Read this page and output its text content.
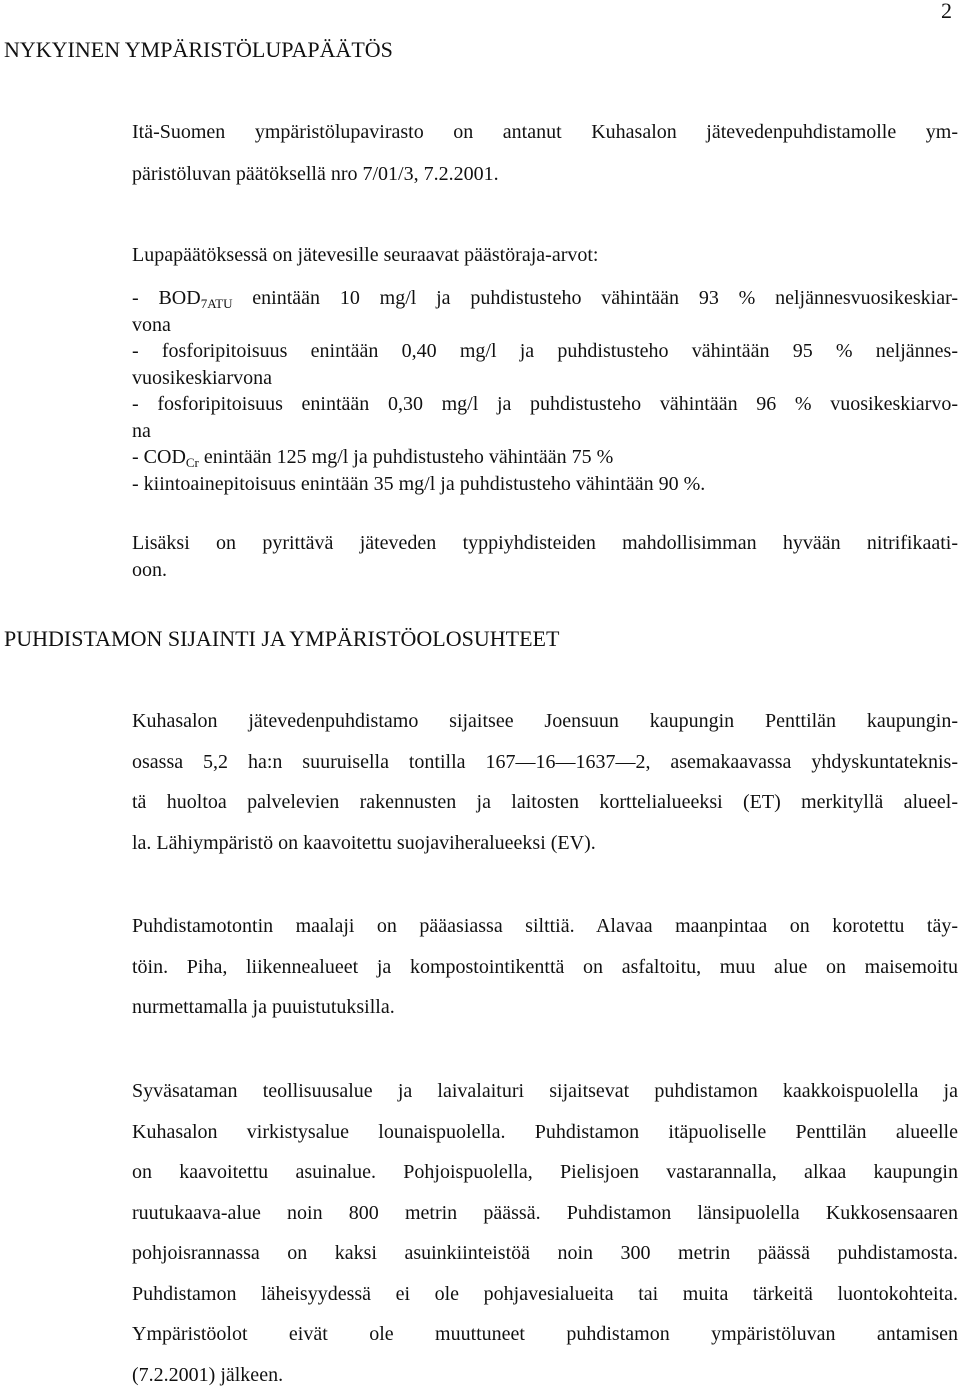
2
NYKYINEN YMPÄRISTÖLUPAPÄÄTÖS
Itä-Suomen ympäristölupavirasto on antanut Kuhasalon jätevedenpuhdistamolle ym-
päristöluvan päätöksellä nro 7/01/3, 7.2.2001.
Lupapäätöksessä on jätevesille seuraavat päästöraja-arvot:
- $BOD_{7ATU}$ enintään 10 mg/l ja puhdistusteho vähintään 93 % neljännesvuosikeskiar-
vona
- fosforipitoisuus enintään 0,40 mg/l ja puhdistusteho vähintään 95 % neljännes-
vuosikeskiarvona
- fosforipitoisuus enintään 0,30 mg/l ja puhdistusteho vähintään 96 % vuosikeskiarvo-
na
- $COD_{Cr}$ enintään 125 mg/l ja puhdistusteho vähintään 75 %
- kiintoainepitoisuus enintään 35 mg/l ja puhdistusteho vähintään 90 %.
Lisäksi on pyrittävä jäteveden typpiyhdisteiden mahdollisimman hyvään nitrifikaati-
oon.
PUHDISTAMON SIJAINTI JA YMPÄRISTÖOLOSUHTEET
Kuhasalon jätevedenpuhdistamo sijaitsee Joensuun kaupungin Penttilän kaupungin-
osassa 5,2 ha:n suuruisella tontilla 167—16—1637—2, asemakaavassa yhdyskuntateknis-
tä huoltoa palvelevien rakennusten ja laitosten korttelialueeksi (ET) merkityllä alueel-
la. Lähiympäristö on kaavoitettu suojaviheralueeksi (EV).
Puhdistamotontin maalaji on pääasiassa silttiä. Alavaa maanpintaa on korotettu täy-
töin. Piha, liikennealueet ja kompostointikenttä on asfaltoitu, muu alue on maisemoitu
nurmettamalla ja puuistutuksilla.
Syväsataman teollisuusalue ja laivalaituri sijaitsevat puhdistamon kaakkoispuolella ja
Kuhasalon virkistysalue lounaispuolella. Puhdistamon itäpuoliselle Penttilän alueelle
on kaavoitettu asuinalue. Pohjoispuolella, Pielisjoen vastarannalla, alkaa kaupungin
ruutukaava-alue noin 800 metrin päässä. Puhdistamon länsipuolella Kukkosensaaren
pohjoisrannassa on kaksi asuinkiinteistöä noin 300 metrin päässä puhdistamosta.
Puhdistamon läheisyydessä ei ole pohjavesialueita tai muita tärkeitä luontokohteita.
Ympäristöolot eivät ole muuttuneet puhdistamon ympäristöluvan antamisen
(7.2.2001) jälkeen.
